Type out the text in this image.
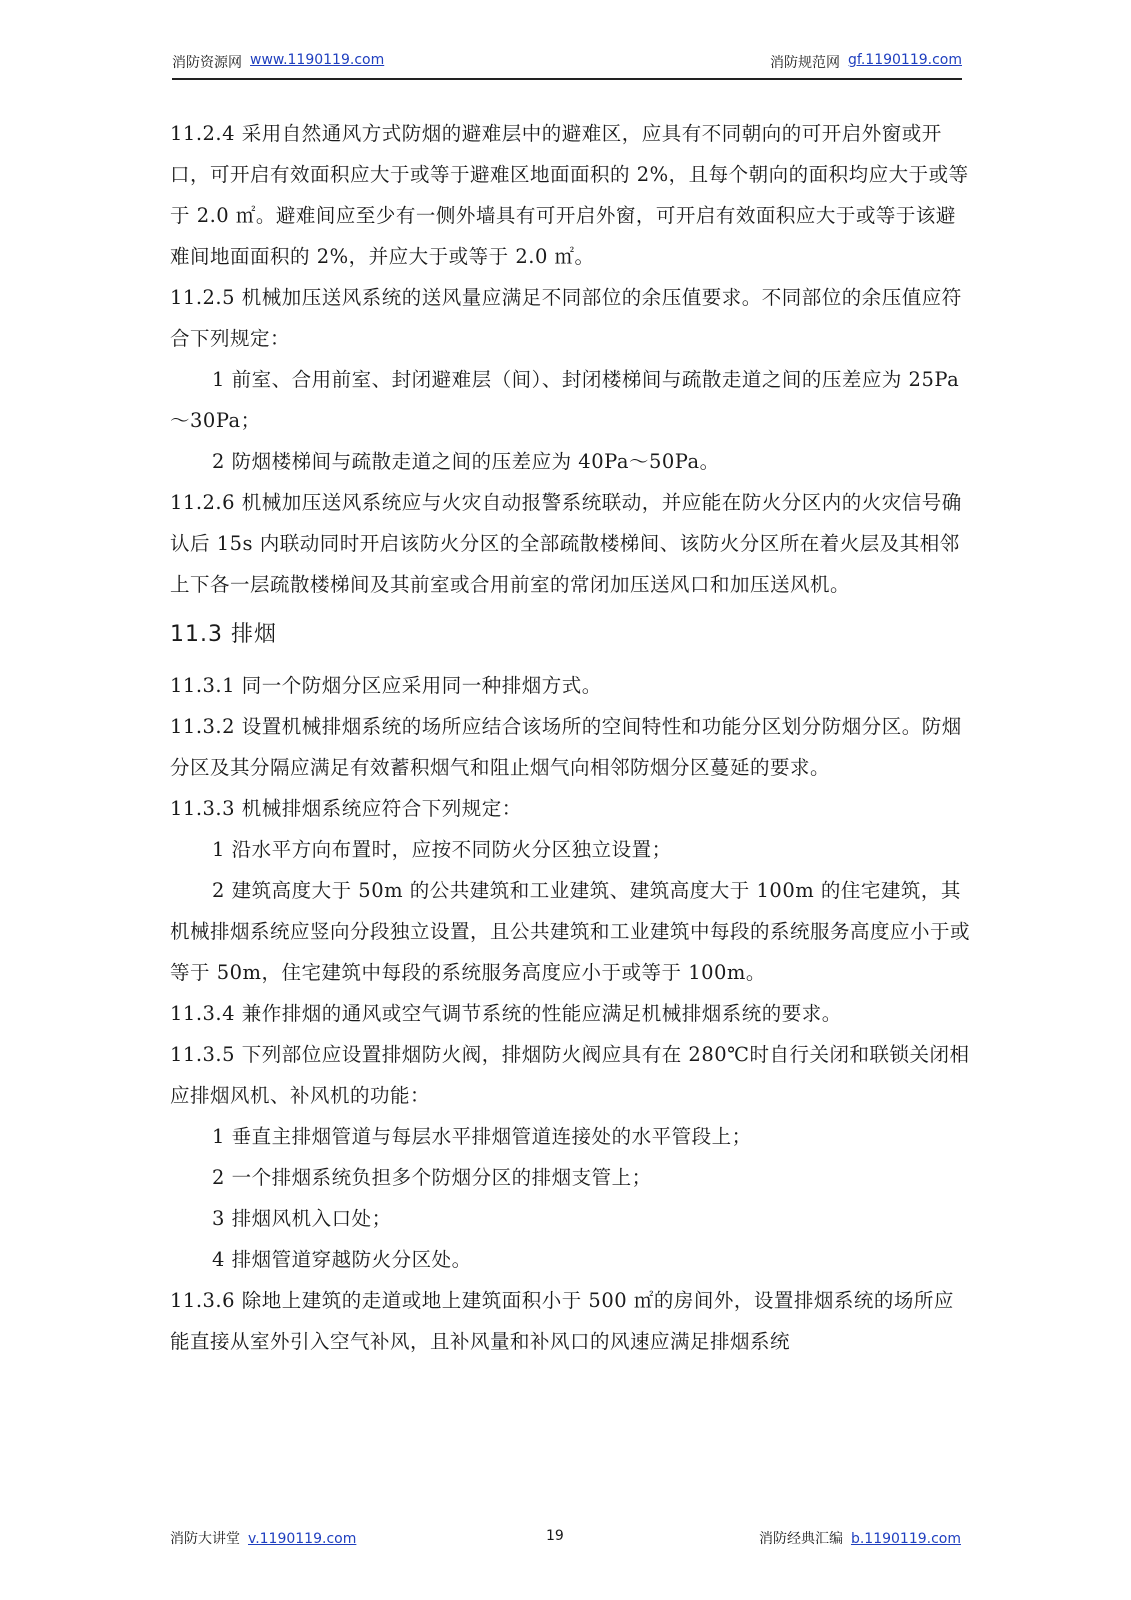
消防资源网 www.1190119.com	消防规范网 gf.1190119.com

11.2.4 采用自然通风方式防烟的避难层中的避难区，应具有不同朝向的可开启外窗或开口，可开启有效面积应大于或等于避难区地面面积的 2%，且每个朝向的面积均应大于或等于 2.0 ㎡。避难间应至少有一侧外墙具有可开启外窗，可开启有效面积应大于或等于该避难间地面面积的 2%，并应大于或等于 2.0 ㎡。

11.2.5 机械加压送风系统的送风量应满足不同部位的余压值要求。不同部位的余压值应符合下列规定：

1 前室、合用前室、封闭避难层（间）、封闭楼梯间与疏散走道之间的压差应为 25Pa～30Pa；

2 防烟楼梯间与疏散走道之间的压差应为 40Pa～50Pa。

11.2.6 机械加压送风系统应与火灾自动报警系统联动，并应能在防火分区内的火灾信号确认后 15s 内联动同时开启该防火分区的全部疏散楼梯间、该防火分区所在着火层及其相邻上下各一层疏散楼梯间及其前室或合用前室的常闭加压送风口和加压送风机。

11.3 排烟

11.3.1 同一个防烟分区应采用同一种排烟方式。

11.3.2 设置机械排烟系统的场所应结合该场所的空间特性和功能分区划分防烟分区。防烟分区及其分隔应满足有效蓄积烟气和阻止烟气向相邻防烟分区蔓延的要求。

11.3.3 机械排烟系统应符合下列规定：

1 沿水平方向布置时，应按不同防火分区独立设置；

2 建筑高度大于 50m 的公共建筑和工业建筑、建筑高度大于 100m 的住宅建筑，其机械排烟系统应竖向分段独立设置，且公共建筑和工业建筑中每段的系统服务高度应小于或等于 50m，住宅建筑中每段的系统服务高度应小于或等于 100m。

11.3.4 兼作排烟的通风或空气调节系统的性能应满足机械排烟系统的要求。

11.3.5 下列部位应设置排烟防火阀，排烟防火阀应具有在 280℃时自行关闭和联锁关闭相应排烟风机、补风机的功能：

1 垂直主排烟管道与每层水平排烟管道连接处的水平管段上；

2 一个排烟系统负担多个防烟分区的排烟支管上；

3 排烟风机入口处；

4 排烟管道穿越防火分区处。

11.3.6 除地上建筑的走道或地上建筑面积小于 500 ㎡的房间外，设置排烟系统的场所应能直接从室外引入空气补风，且补风量和补风口的风速应满足排烟系统

消防大讲堂 v.1190119.com	19	消防经典汇编 b.1190119.com
